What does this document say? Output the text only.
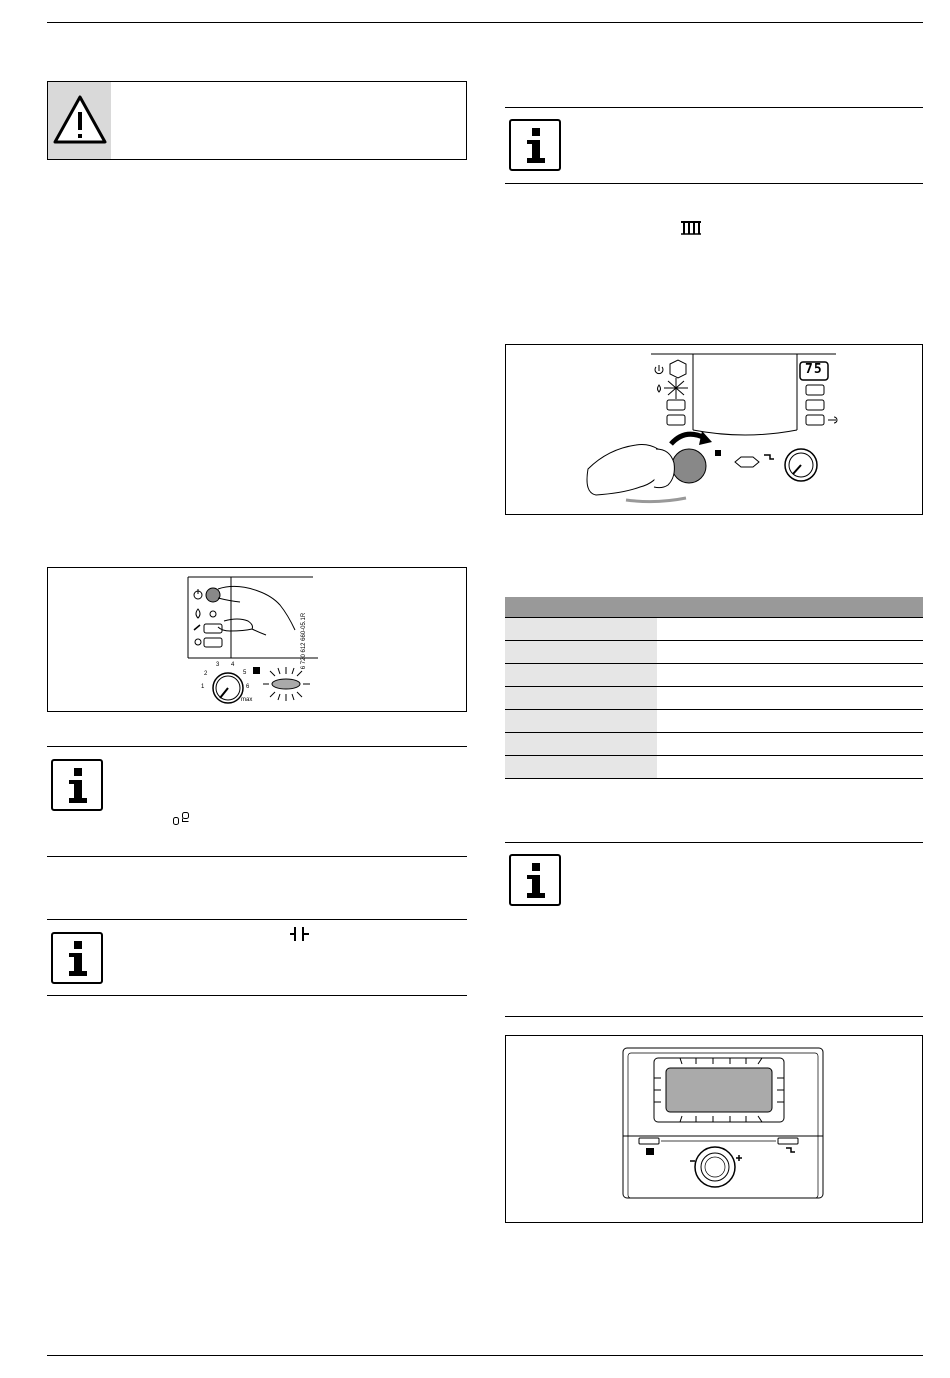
1
2
3 4
5
6
max
6 720 612 660-05.1R
75
